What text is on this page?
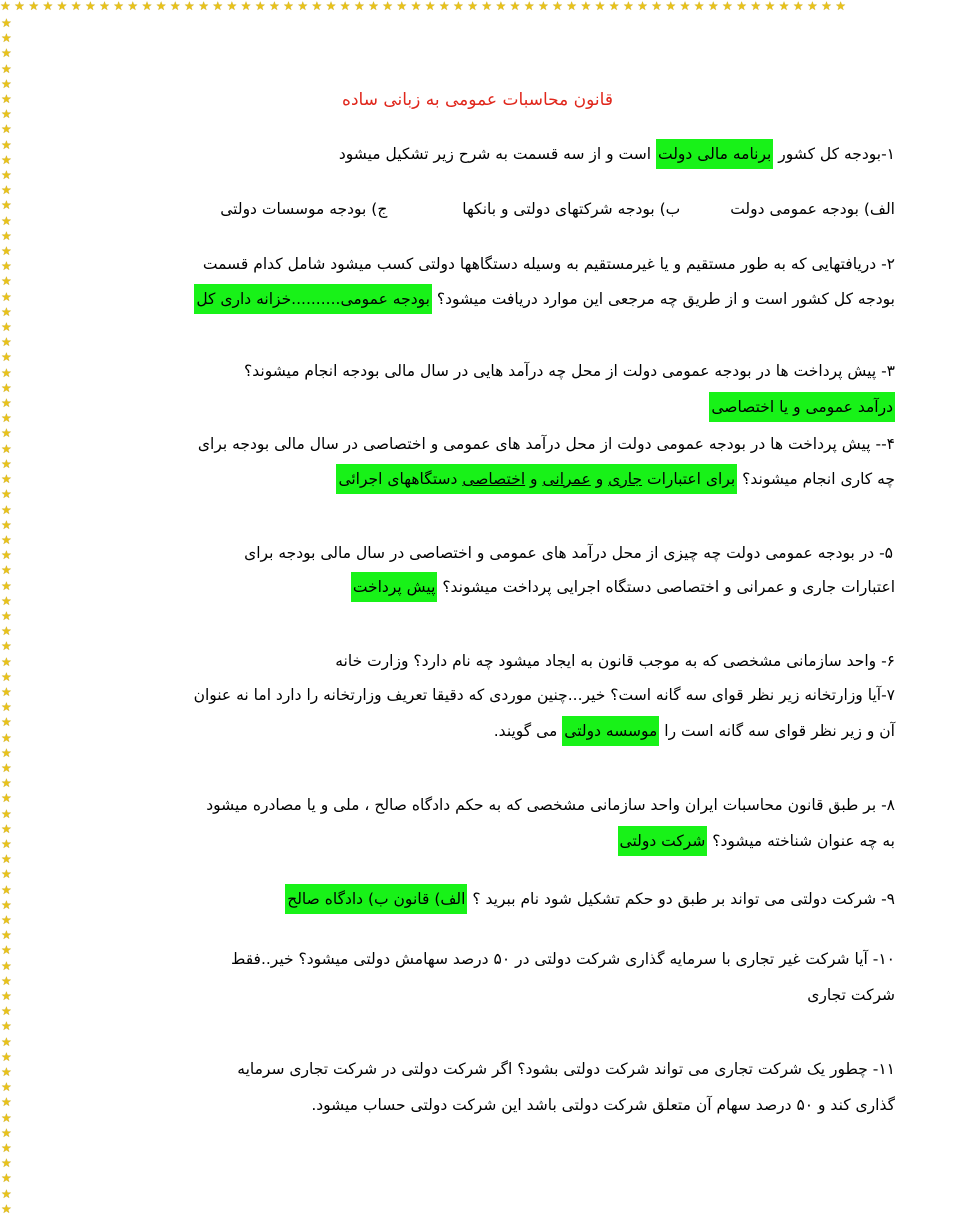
★★★★★★★★★★★★★★★★★★★★★★★★★★★★★★★★★★★★★★★★★★★★★★★★★★★★★★★★★★★★
★★★★★★★★★★★★★★★★★★★★★★★★★★★★★★★★★★★★★★★★★★★★★★★★★★★★★★★★★★★★★★★★★★★★★★★★★★★★★★★
قانون محاسبات عمومی به زبانی ساده
۱-بودجه کل کشور برنامه مالی دولت است و از سه قسمت به شرح زیر تشکیل میشود
الف) بودجه عمومی دولت ب) بودجه شرکتهای دولتی و بانکها ج) بودجه موسسات دولتی
۲- دریافتهایی که به طور مستقیم و یا غیرمستقیم به وسیله دستگاهها دولتی کسب میشود شامل کدام قسمت
بودجه کل کشور است و از طریق چه مرجعی این موارد دریافت میشود؟ بودجه عمومی..........خزانه داری کل
۳- پیش پرداخت ها در بودجه عمومی دولت از محل چه درآمد هایی در سال مالی بودجه انجام میشوند؟
درآمد عمومی و یا اختصاصی
۴-- پیش پرداخت ها در بودجه عمومی دولت از محل درآمد های عمومی و اختصاصی در سال مالی بودجه برای
چه کاری انجام میشوند؟ برای اعتبارات جاری و عمرانی و اختصاصی دستگاههای اجرائی
۵- در بودجه عمومی دولت چه چیزی از محل درآمد های عمومی و اختصاصی در سال مالی بودجه برای
اعتبارات جاری و عمرانی و اختصاصی دستگاه اجرایی پرداخت میشوند؟ پیش پرداخت
۶- واحد سازمانی مشخصی که به موجب قانون به ایجاد میشود چه نام دارد؟ وزارت خانه
۷-آیا وزارتخانه زیر نظر قوای سه گانه است؟ خیر...چنین موردی که دقیقا تعریف وزارتخانه را دارد اما نه عنوان
آن و زیر نظر قوای سه گانه است را موسسه دولتی می گویند.
۸- بر طبق قانون محاسبات ایران واحد سازمانی مشخصی که به حکم دادگاه صالح ، ملی و یا مصادره میشود
به چه عنوان شناخته میشود؟ شرکت دولتی
۹- شرکت دولتی می تواند بر طبق دو حکم تشکیل شود نام ببرید ؟ الف) قانون ب) دادگاه صالح
۱۰- آیا شرکت غیر تجاری با سرمایه گذاری شرکت دولتی در ۵۰ درصد سهامش دولتی میشود؟ خیر..فقط
شرکت تجاری
۱۱- چطور یک شرکت تجاری می تواند شرکت دولتی بشود؟ اگر شرکت دولتی در شرکت تجاری سرمایه
گذاری کند و ۵۰ درصد سهام آن متعلق شرکت دولتی باشد این شرکت دولتی حساب میشود.
